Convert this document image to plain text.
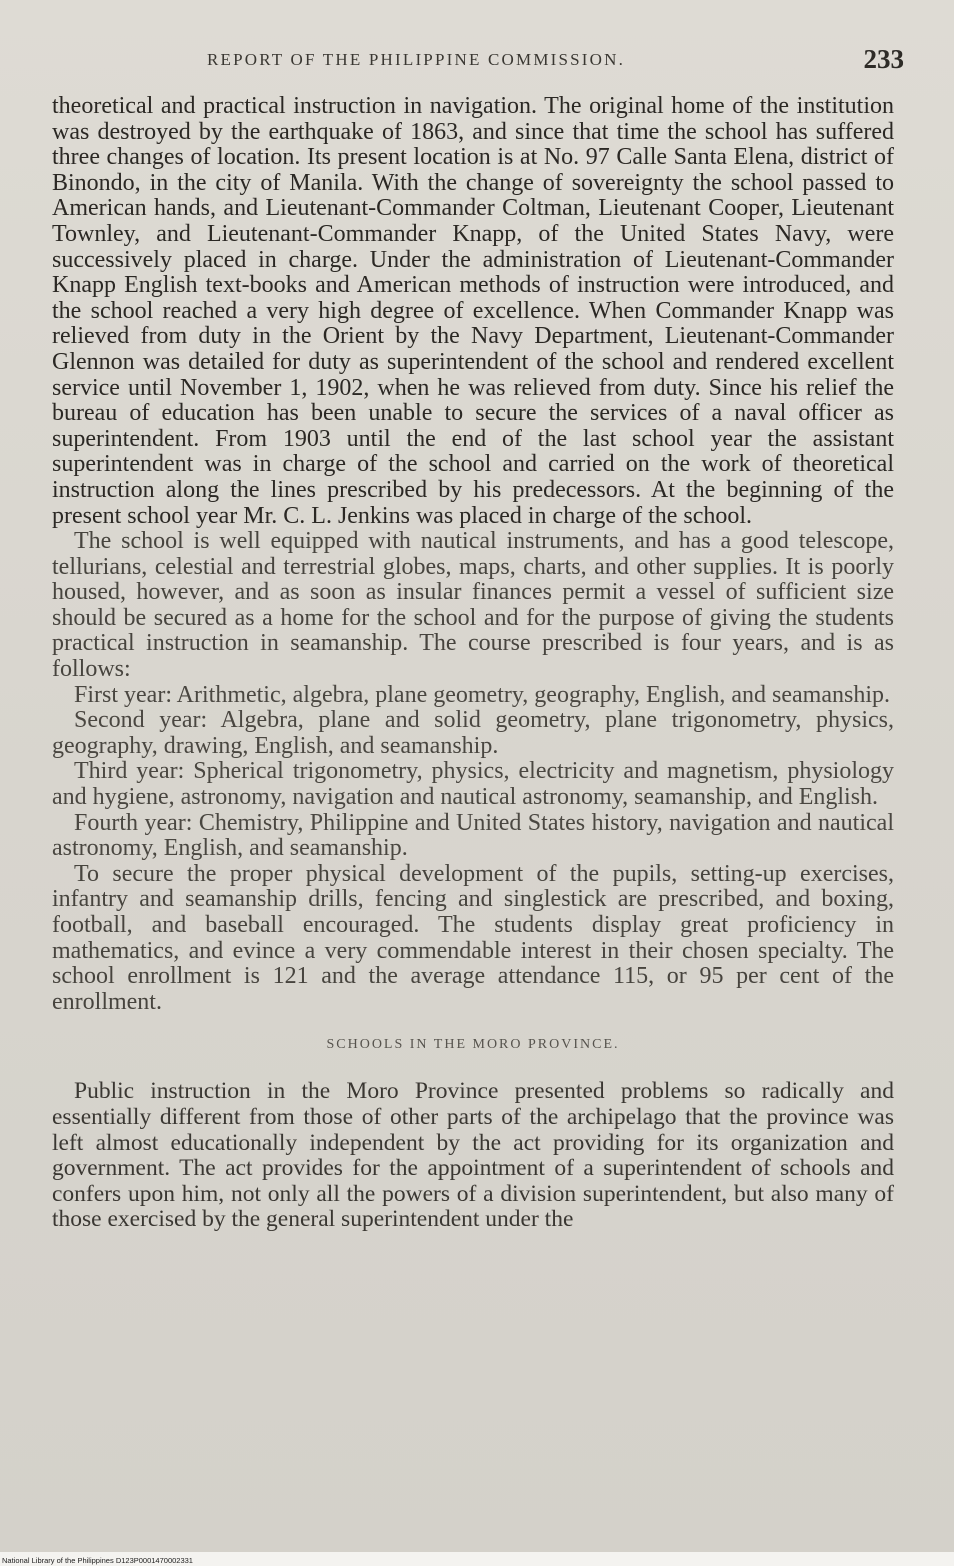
REPORT OF THE PHILIPPINE COMMISSION.	233

theoretical and practical instruction in navigation. The original home of the institution was destroyed by the earthquake of 1863, and since that time the school has suffered three changes of location. Its present location is at No. 97 Calle Santa Elena, district of Binondo, in the city of Manila. With the change of sovereignty the school passed to American hands, and Lieutenant-Commander Coltman, Lieutenant Cooper, Lieutenant Townley, and Lieutenant-Commander Knapp, of the United States Navy, were successively placed in charge. Under the administration of Lieutenant-Commander Knapp English text-books and American methods of instruction were introduced, and the school reached a very high degree of excellence. When Commander Knapp was relieved from duty in the Orient by the Navy Department, Lieutenant-Commander Glennon was detailed for duty as superintendent of the school and rendered excellent service until November 1, 1902, when he was relieved from duty. Since his relief the bureau of education has been unable to secure the services of a naval officer as superintendent. From 1903 until the end of the last school year the assistant superintendent was in charge of the school and carried on the work of theoretical instruction along the lines prescribed by his predecessors. At the beginning of the present school year Mr. C. L. Jenkins was placed in charge of the school.

The school is well equipped with nautical instruments, and has a good telescope, tellurians, celestial and terrestrial globes, maps, charts, and other supplies. It is poorly housed, however, and as soon as insular finances permit a vessel of sufficient size should be secured as a home for the school and for the purpose of giving the students practical instruction in seamanship. The course prescribed is four years, and is as follows:

First year: Arithmetic, algebra, plane geometry, geography, English, and seamanship.

Second year: Algebra, plane and solid geometry, plane trigonometry, physics, geography, drawing, English, and seamanship.

Third year: Spherical trigonometry, physics, electricity and magnetism, physiology and hygiene, astronomy, navigation and nautical astronomy, seamanship, and English.

Fourth year: Chemistry, Philippine and United States history, navigation and nautical astronomy, English, and seamanship.

To secure the proper physical development of the pupils, setting-up exercises, infantry and seamanship drills, fencing and singlestick are prescribed, and boxing, football, and baseball encouraged. The students display great proficiency in mathematics, and evince a very commendable interest in their chosen specialty. The school enrollment is 121 and the average attendance 115, or 95 per cent of the enrollment.

SCHOOLS IN THE MORO PROVINCE.

Public instruction in the Moro Province presented problems so radically and essentially different from those of other parts of the archipelago that the province was left almost educationally independent by the act providing for its organization and government. The act provides for the appointment of a superintendent of schools and confers upon him, not only all the powers of a division superintendent, but also many of those exercised by the general superintendent under the

National Library of the Philippines D123P0001470002331
